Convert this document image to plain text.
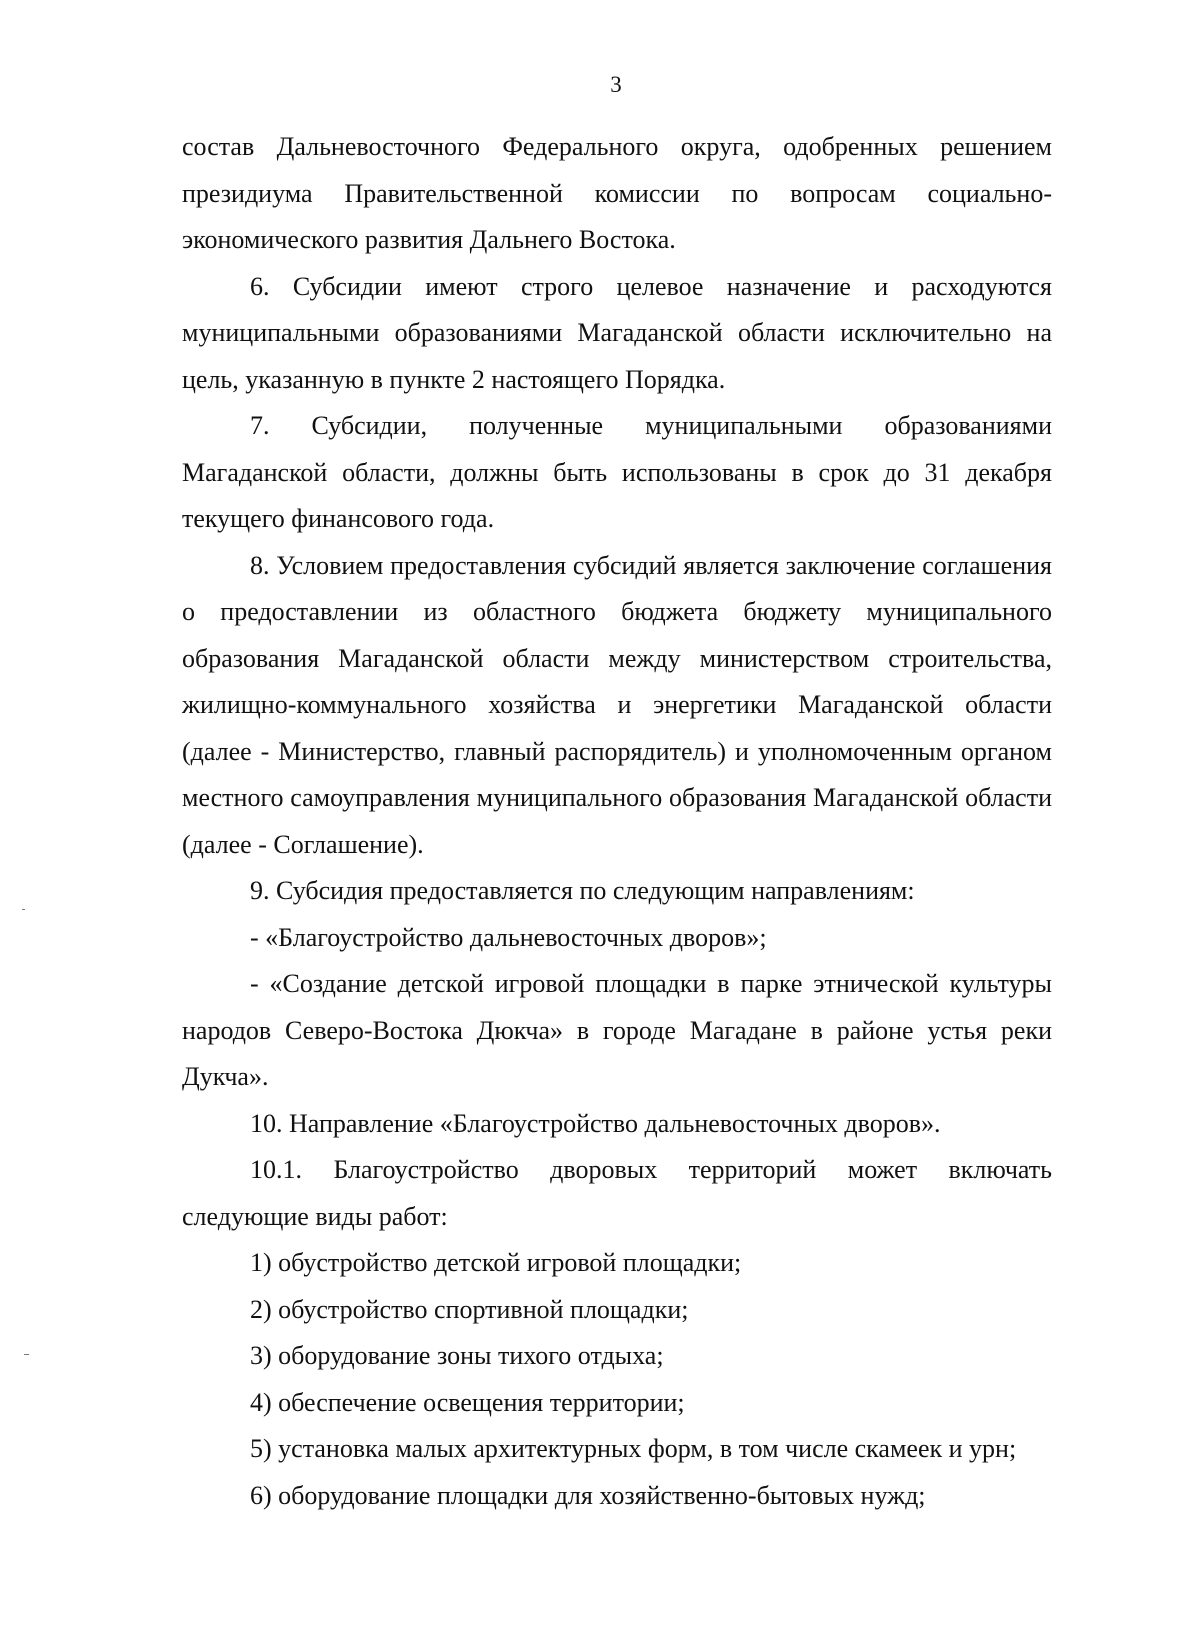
3

состав Дальневосточного Федерального округа, одобренных решением президиума Правительственной комиссии по вопросам социально-экономического развития Дальнего Востока.

6. Субсидии имеют строго целевое назначение и расходуются муниципальными образованиями Магаданской области исключительно на цель, указанную в пункте 2 настоящего Порядка.

7. Субсидии, полученные муниципальными образованиями Магаданской области, должны быть использованы в срок до 31 декабря текущего финансового года.

8. Условием предоставления субсидий является заключение соглашения о предоставлении из областного бюджета бюджету муниципального образования Магаданской области между министерством строительства, жилищно-коммунального хозяйства и энергетики Магаданской области (далее - Министерство, главный распорядитель) и уполномоченным органом местного самоуправления муниципального образования Магаданской области (далее - Соглашение).

9. Субсидия предоставляется по следующим направлениям:

- «Благоустройство дальневосточных дворов»;

- «Создание детской игровой площадки в парке этнической культуры народов Северо-Востока Дюкча» в городе Магадане в районе устья реки Дукча».

10. Направление «Благоустройство дальневосточных дворов».

10.1. Благоустройство дворовых территорий может включать следующие виды работ:

1) обустройство детской игровой площадки;

2) обустройство спортивной площадки;

3) оборудование зоны тихого отдыха;

4) обеспечение освещения территории;

5) установка малых архитектурных форм, в том числе скамеек и урн;

6) оборудование площадки для хозяйственно-бытовых нужд;
